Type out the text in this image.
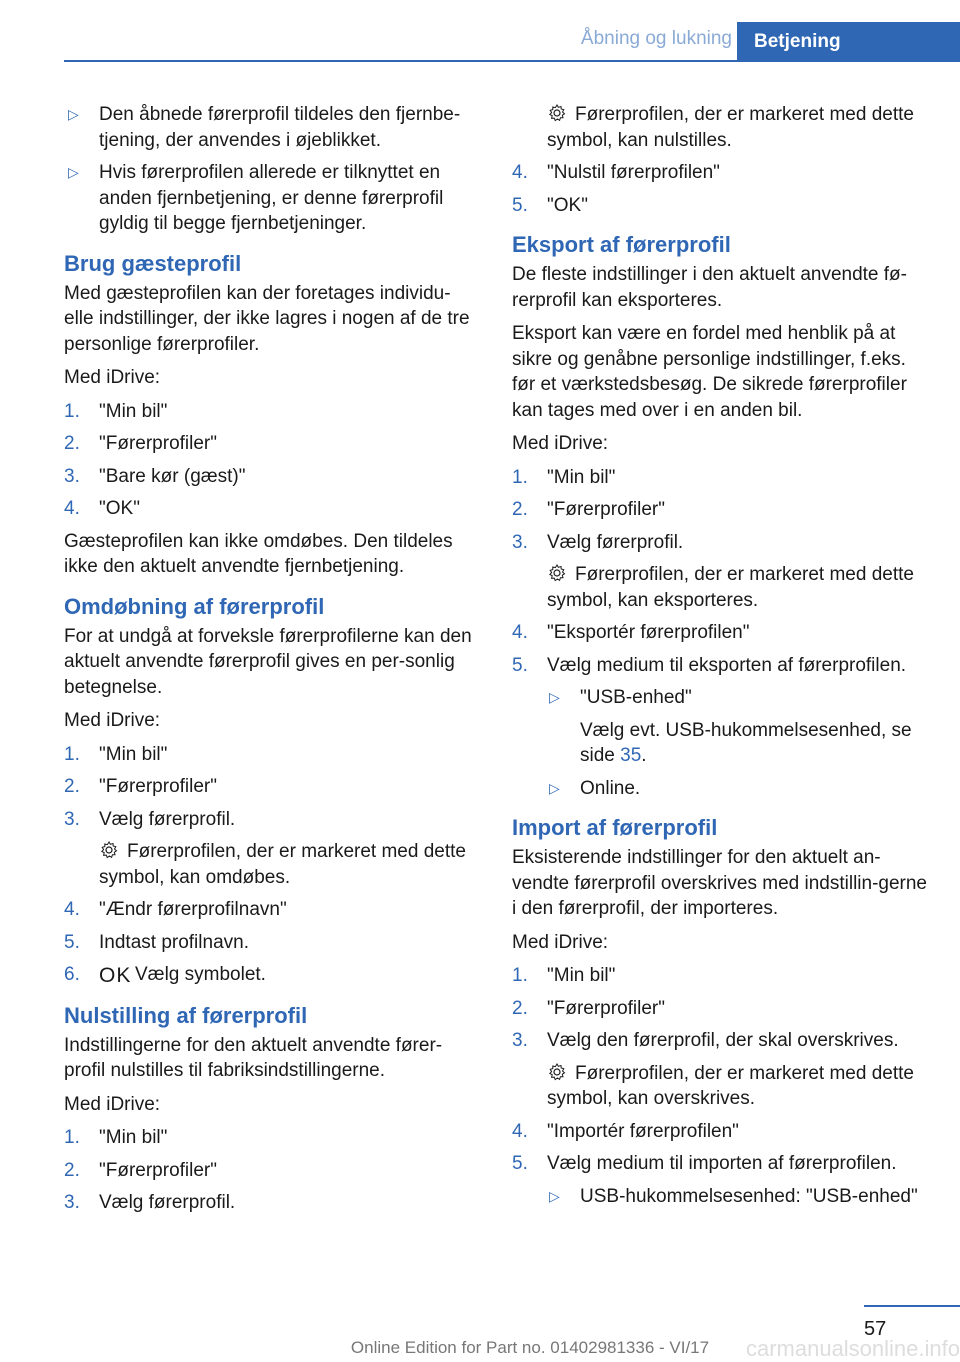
Åbning og lukning	Betjening
▷ Den åbnede førerprofil tildeles den fjernbe-tjening, der anvendes i øjeblikket.
▷ Hvis førerprofilen allerede er tilknyttet en anden fjernbetjening, er denne førerprofil gyldig til begge fjernbetjeninger.
Brug gæsteprofil

Med gæsteprofilen kan der foretages individu-elle indstillinger, der ikke lagres i nogen af de tre personlige førerprofiler.

Med iDrive:

1. "Min bil"
2. "Førerprofiler"
3. "Bare kør (gæst)"
4. "OK"

Gæsteprofilen kan ikke omdøbes. Den tildeles ikke den aktuelt anvendte fjernbetjening.

Omdøbning af førerprofil

For at undgå at forveksle førerprofilerne kan den aktuelt anvendte førerprofil gives en per-sonlig betegnelse.

Med iDrive:

1. "Min bil"
2. "Førerprofiler"
3. Vælg førerprofil.
Førerprofilen, der er markeret med dette symbol, kan omdøbes.
4. "Ændr førerprofilnavn"
5. Indtast profilnavn.
6. OK Vælg symbolet.
Nulstilling af førerprofil

Indstillingerne for den aktuelt anvendte fører-profil nulstilles til fabriksindstillingerne.

Med iDrive:

1. "Min bil"
2. "Førerprofiler"
3. Vælg førerprofil.
Førerprofilen, der er markeret med dette symbol, kan nulstilles.
4. "Nulstil førerprofilen"
5. "OK"
Eksport af førerprofil

De fleste indstillinger i den aktuelt anvendte fø-rerprofil kan eksporteres.

Eksport kan være en fordel med henblik på at sikre og genåbne personlige indstillinger, f.eks. før et værkstedsbesøg. De sikrede førerprofiler kan tages med over i en anden bil.

Med iDrive:

1. "Min bil"
2. "Førerprofiler"
3. Vælg førerprofil.
Førerprofilen, der er markeret med dette symbol, kan eksporteres.
4. "Eksportér førerprofilen"
5. Vælg medium til eksporten af førerprofilen.
▷ "USB-enhed"
Vælg evt. USB-hukommelsesenhed, se side 35.
▷ Online.
Import af førerprofil

Eksisterende indstillinger for den aktuelt an-vendte førerprofil overskrives med indstillin-gerne i den førerprofil, der importeres.

Med iDrive:

1. "Min bil"
2. "Førerprofiler"
3. Vælg den førerprofil, der skal overskrives.
Førerprofilen, der er markeret med dette symbol, kan overskrives.
4. "Importér førerprofilen"
5. Vælg medium til importen af førerprofilen.
▷ USB-hukommelsesenhed: "USB-enhed"
57
Online Edition for Part no. 01402981336 - VI/17	carmanualsonline.info
